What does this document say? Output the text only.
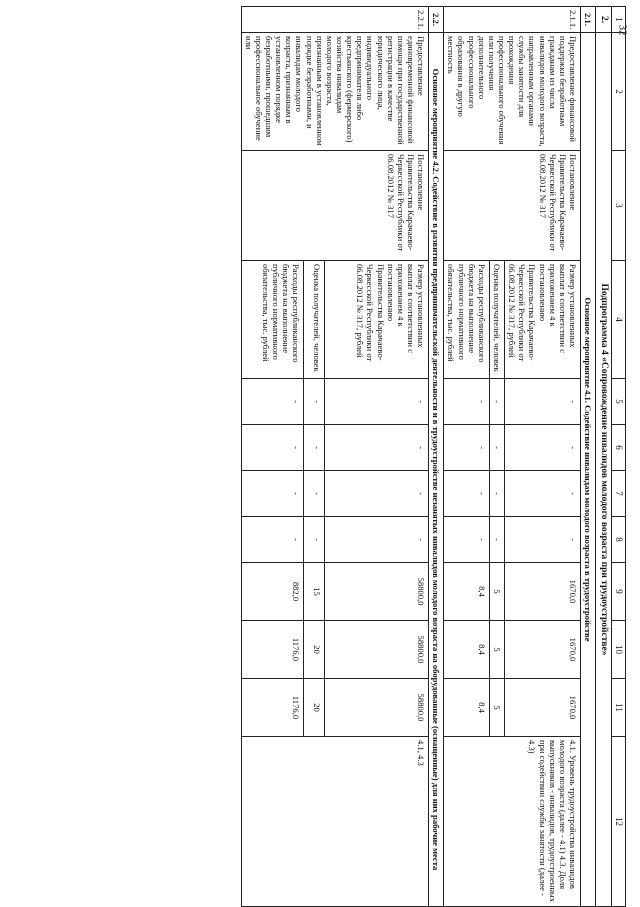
32
1	2	3	4	5	6	7	8	9	10	11	12
2.	Подпрограмма 4 «Сопровождение инвалидов молодого возраста при трудоустройстве»										
2.1.	Основное мероприятие 4.1. Содействие инвалидам молодого возраста в трудоустройстве										
2.1.1.	Предоставление финансовой поддержки безработным гражданам из числа инвалидов молодого возраста, направленным органами службы занятости для прохождения профессионального обучения или получения дополнительного профессионального образования в другую местность	Постановление Правительства Карачаево-Черкесской Республики от 06.08.2012 № 317	Размер установленных выплат в соответствии с приложением 4 к постановлению Правительства Карачаево-Черкесской Республики от 06.08.2012 № 317, рублей	-	-	-	-	1670,0	1670,0	1670,0	4.1. Уровень трудоустройства инвалидов молодого возраста (далее - 4.1) 4.3. Доля выпускников - инвалидов, трудоустроенных при содействии службы занятости (далее - 4.3)
			Оценка получателей, человек	-	-	-	-	5	5	5	
			Расходы республиканского бюджета на выполнение публичного нормативного обязательства, тыс. рублей	-	-	-	-	8,4	8,4	8,4	
2.2.	Основное мероприятие 4.2. Содействие в развитии предпринимательской деятельности и в трудоустройстве незанятых инвалидов молодого возраста на оборудованные (оснащенные) для них рабочие места										
2.2.1.	Предоставление единовременной финансовой помощи при государственной регистрации в качестве юридического лица, индивидуального предпринимателя либо крестьянского (фермерского) хозяйства инвалидам молодого возраста, признанным в установленном порядке безработными, и инвалидам молодого возраста, признанным в установленном порядке безработными, прошедшим профессиональное обучение или	Постановление Правительства Карачаево-Черкесской Республики от 06.08.2012 № 317	Размер установленных выплат в соответствии с приложением 4 к постановлению Правительства Карачаево-Черкесской Республики от 06.08.2012 № 317, рублей	-	-	-	-	58800,0	58800,0	58800,0	4.1, 4.3
			Оценка получателей, человек	-	-	-	-	15	20	20	
			Расходы республиканского бюджета на выполнение публичного нормативного обязательства, тыс. рублей	-	-	-	-	882,0	1176,0	1176,0	
